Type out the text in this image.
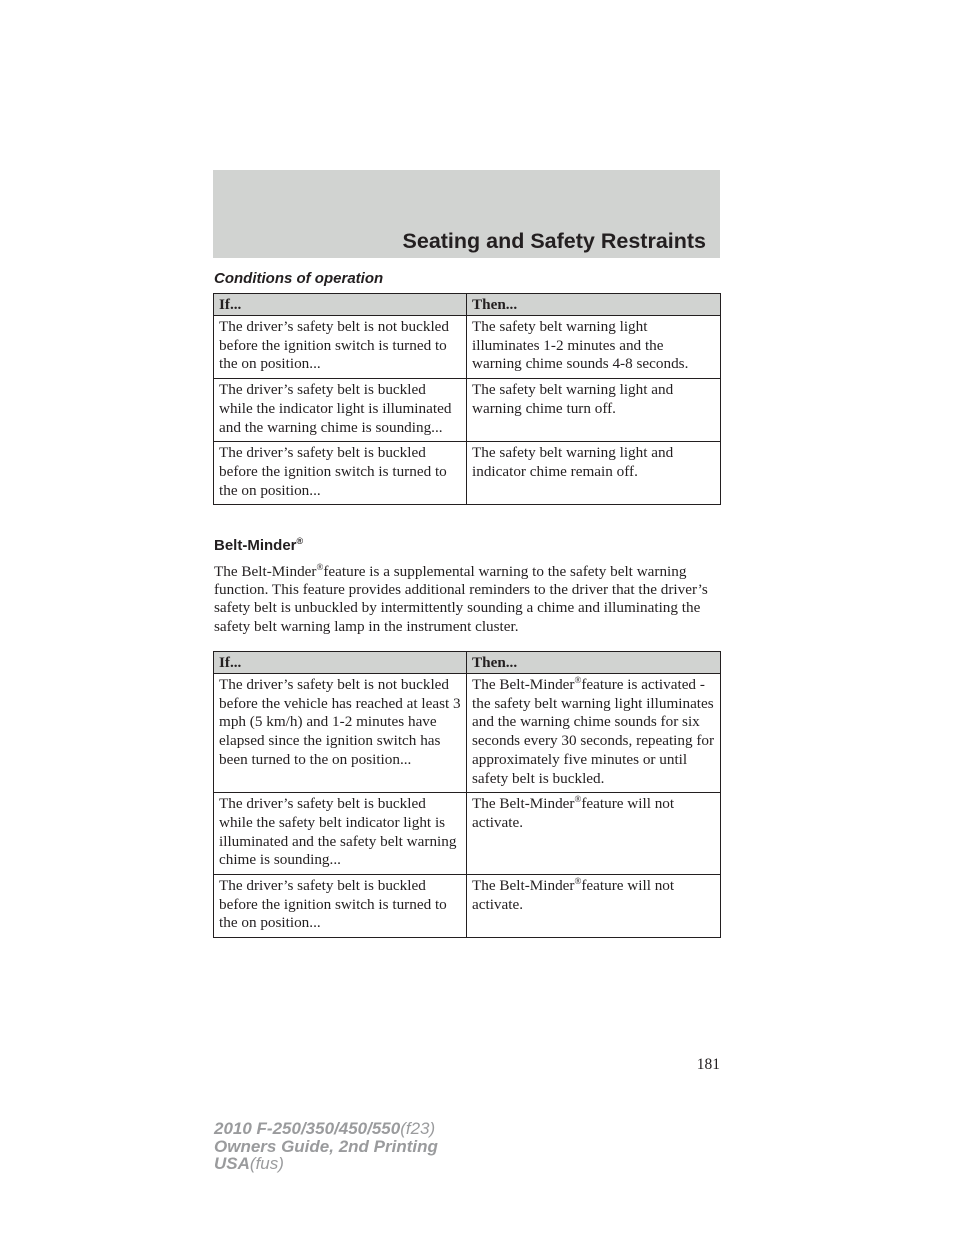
Seating and Safety Restraints
Conditions of operation
If...	Then...
The driver’s safety belt is not buckled before the ignition switch is turned to the on position...	The safety belt warning light illuminates 1-2 minutes and the warning chime sounds 4-8 seconds.
The driver’s safety belt is buckled while the indicator light is illuminated and the warning chime is sounding...	The safety belt warning light and warning chime turn off.
The driver’s safety belt is buckled before the ignition switch is turned to the on position...	The safety belt warning light and indicator chime remain off.
Belt-Minder®
The Belt-Minder®feature is a supplemental warning to the safety belt warning function. This feature provides additional reminders to the driver that the driver’s safety belt is unbuckled by intermittently sounding a chime and illuminating the safety belt warning lamp in the instrument cluster.
If...	Then...
The driver’s safety belt is not buckled before the vehicle has reached at least 3 mph (5 km/h) and 1-2 minutes have elapsed since the ignition switch has been turned to the on position...	The Belt-Minder®feature is activated - the safety belt warning light illuminates and the warning chime sounds for six seconds every 30 seconds, repeating for approximately five minutes or until safety belt is buckled.
The driver’s safety belt is buckled while the safety belt indicator light is illuminated and the safety belt warning chime is sounding...	The Belt-Minder®feature will not activate.
The driver’s safety belt is buckled before the ignition switch is turned to the on position...	The Belt-Minder®feature will not activate.
181
2010 F-250/350/450/550(f23)
Owners Guide, 2nd Printing
USA(fus)
